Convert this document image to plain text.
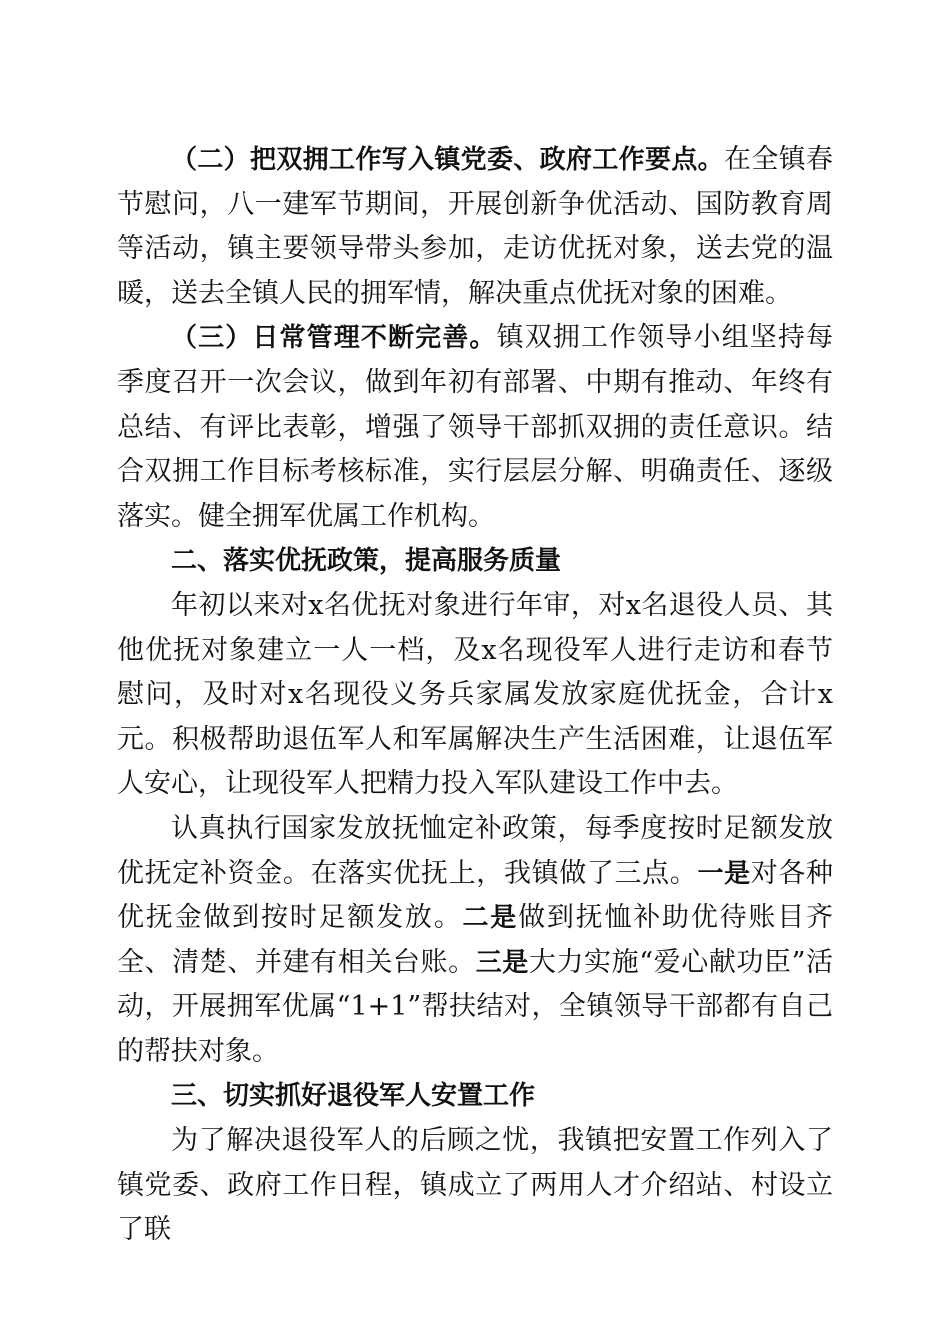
（二）把双拥工作写入镇党委、政府工作要点。在全镇春节慰问，八一建军节期间，开展创新争优活动、国防教育周等活动，镇主要领导带头参加，走访优抚对象，送去党的温暖，送去全镇人民的拥军情，解决重点优抚对象的困难。

（三）日常管理不断完善。镇双拥工作领导小组坚持每季度召开一次会议，做到年初有部署、中期有推动、年终有总结、有评比表彰，增强了领导干部抓双拥的责任意识。结合双拥工作目标考核标准，实行层层分解、明确责任、逐级落实。健全拥军优属工作机构。

二、落实优抚政策，提高服务质量

年初以来对x名优抚对象进行年审，对x名退役人员、其他优抚对象建立一人一档，及x名现役军人进行走访和春节慰问，及时对x名现役义务兵家属发放家庭优抚金，合计x元。积极帮助退伍军人和军属解决生产生活困难，让退伍军人安心，让现役军人把精力投入军队建设工作中去。

认真执行国家发放抚恤定补政策，每季度按时足额发放优抚定补资金。在落实优抚上，我镇做了三点。一是对各种优抚金做到按时足额发放。二是做到抚恤补助优待账目齐全、清楚、并建有相关台账。三是大力实施“爱心献功臣”活动，开展拥军优属“1+1”帮扶结对，全镇领导干部都有自己的帮扶对象。

三、切实抓好退役军人安置工作

为了解决退役军人的后顾之忧，我镇把安置工作列入了镇党委、政府工作日程，镇成立了两用人才介绍站、村设立了联
